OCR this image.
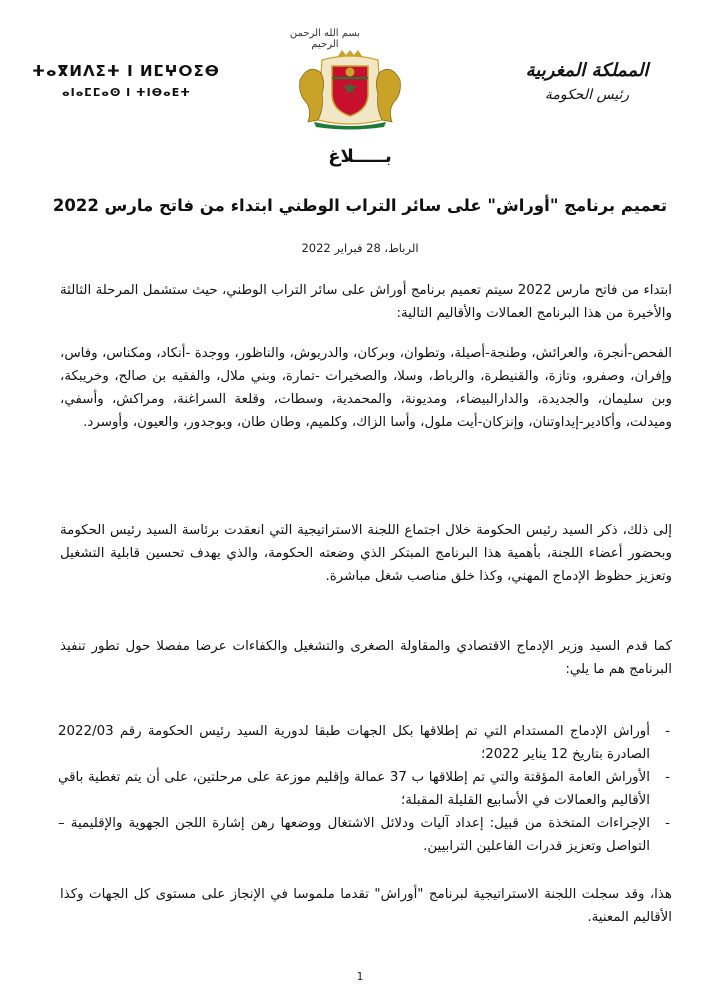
بسم الله الرحمن الرحيم
ⵜⴰⴳⵍⴷⵉⵜ ⵏ ⵍⵎⵖⵔⵉⴱ
ⴰⵏⴰⵎⵎⴰⵙ ⵏ ⵜⵏⴱⴰⴹⵜ
المملكة المغربية
رئيس الحكومة
بـــــلاغ
تعميم برنامج "أوراش" على سائر التراب الوطني ابتداء من فاتح مارس 2022
الرباط، 28 فبراير 2022
ابتداء من فاتح مارس 2022 سيتم تعميم برنامج أوراش على سائر التراب الوطني، حيث ستشمل المرحلة الثالثة والأخيرة من هذا البرنامج العمالات والأقاليم التالية:
الفحص-أنجرة، والعرائش، وطنجة-أصيلة، وتطوان، وبركان، والدريوش، والناظور، ووجدة -أنكاد، ومكناس، وفاس، وإفران، وصفرو، وتازة، والقنيطرة، والرباط، وسلا، والصخيرات -تمارة، وبني ملال، والفقيه بن صالح، وخريبكة، وبن سليمان، والجديدة، والدارالبيضاء، ومديونة، والمحمدية، وسطات، وقلعة السراغنة، ومراكش، وأسفي، وميدلت، وأكادير-إيداوتنان، وإنزكان-أيت ملول، وأسا الزاك، وكلميم، وطان طان، وبوجدور، والعيون، وأوسرد.
إلى ذلك، ذكر السيد رئيس الحكومة خلال اجتماع اللجنة الاستراتيجية التي انعقدت برئاسة السيد رئيس الحكومة وبحضور أعضاء اللجنة، بأهمية هذا البرنامج المبتكر الذي وضعته الحكومة، والذي يهدف تحسين قابلية التشغيل وتعزيز حظوظ الإدماج المهني، وكذا خلق مناصب شغل مباشرة.
كما قدم السيد وزير الإدماج الاقتصادي والمقاولة الصغرى والتشغيل والكفاءات عرضا مفصلا حول تطور تنفيذ البرنامج هم ما يلي:
-
أوراش الإدماج المستدام التي تم إطلاقها بكل الجهات طبقا لدورية السيد رئيس الحكومة رقم 2022/03 الصادرة بتاريخ 12 يناير 2022؛
-
الأوراش العامة المؤقتة والتي تم إطلاقها ب 37 عمالة وإقليم موزعة على مرحلتين، على أن يتم تغطية باقي الأقاليم والعمالات في الأسابيع القليلة المقبلة؛
-
الإجراءات المتخذة من قبيل: إعداد آليات ودلائل الاشتغال ووضعها رهن إشارة اللجن الجهوية والإقليمية – التواصل وتعزيز قدرات الفاعلين الترابيين.
هذا، وقد سجلت اللجنة الاستراتيجية لبرنامج "أوراش" تقدما ملموسا في الإنجاز على مستوى كل الجهات وكذا الأقاليم المعنية.
1
